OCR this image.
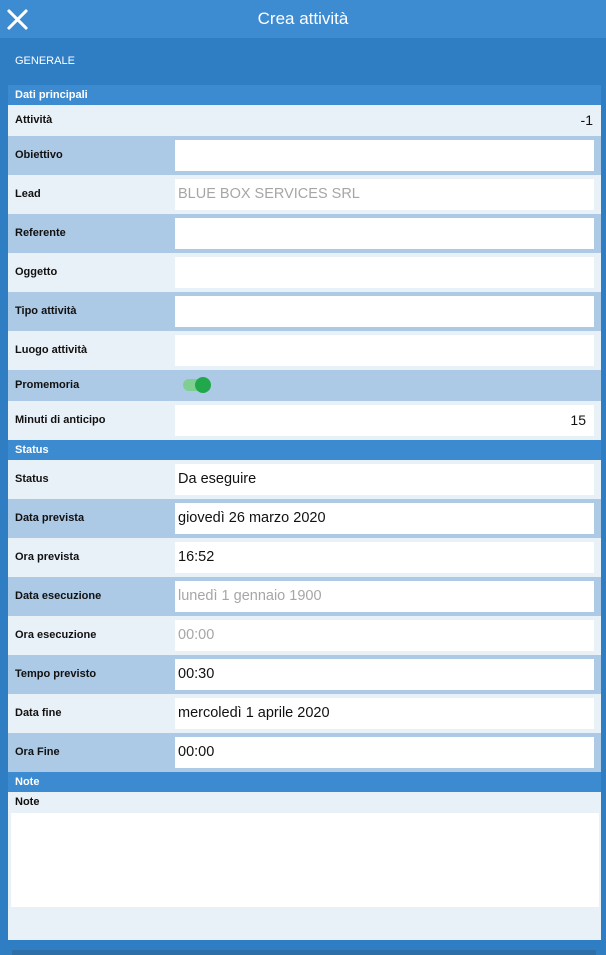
Crea attività
GENERALE
Dati principali
Attività	-1
Obiettivo
Lead	BLUE BOX SERVICES SRL
Referente
Oggetto
Tipo attività
Luogo attività
Promemoria
Minuti di anticipo	15
Status
Status	Da eseguire
Data prevista	giovedì 26 marzo 2020
Ora prevista	16:52
Data esecuzione	lunedì 1 gennaio 1900
Ora esecuzione	00:00
Tempo previsto	00:30
Data fine	mercoledì 1 aprile 2020
Ora Fine	00:00
Note
Note
